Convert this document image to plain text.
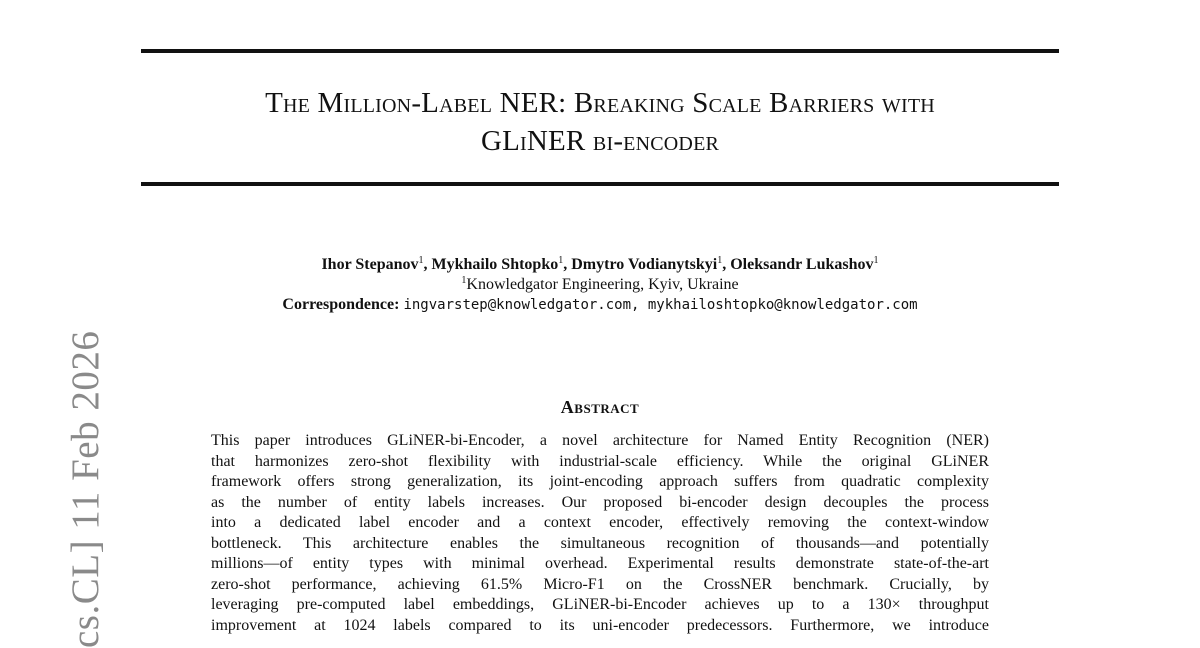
cs.CL] 11 Feb 2026
The Million-Label NER: Breaking Scale Barriers with
GLiNER bi-encoder
Ihor Stepanov$^1$, Mykhailo Shtopko$^1$, Dmytro Vodianytskyi$^1$, Oleksandr Lukashov$^1$
$^1$Knowledgator Engineering, Kyiv, Ukraine
Correspondence: ingvarstep@knowledgator.com, mykhailoshtopko@knowledgator.com
Abstract
This paper introduces GLiNER-bi-Encoder, a novel architecture for Named Entity Recognition (NER)
that harmonizes zero-shot flexibility with industrial-scale efficiency. While the original GLiNER
framework offers strong generalization, its joint-encoding approach suffers from quadratic complexity
as the number of entity labels increases. Our proposed bi-encoder design decouples the process
into a dedicated label encoder and a context encoder, effectively removing the context-window
bottleneck. This architecture enables the simultaneous recognition of thousands—and potentially
millions—of entity types with minimal overhead. Experimental results demonstrate state-of-the-art
zero-shot performance, achieving 61.5% Micro-F1 on the CrossNER benchmark. Crucially, by
leveraging pre-computed label embeddings, GLiNER-bi-Encoder achieves up to a 130× throughput
improvement at 1024 labels compared to its uni-encoder predecessors. Furthermore, we introduce
